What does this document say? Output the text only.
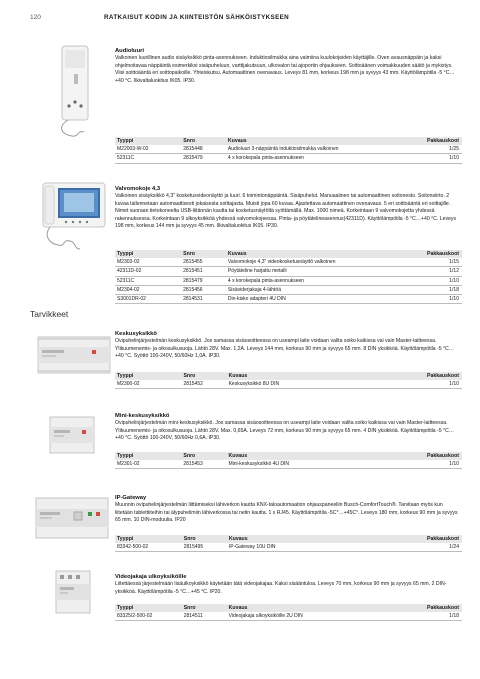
120	RATKAISUT KODIN JA KIINTEISTÖN SÄHKÖISTYKSEEN
Audioluuri

Valkoinen luurillinen audio sisäyksikkö pinta-asennukseen. Induktiosilmukka aina valmiina kuulokojeiden käyttäjille. Oven avausnäppäin ja kaksi ohjelmoitavaa näppäintä esimerkiksi sisäpuheluun, varttijakutsuun, ulkovalon tai ajoportin ohjaukseen. Soittoäänen voimakkuuden säätö ja mykistys. Viisi soittoääntä eri soittopaikoille. Yhteiskutsu. Automaattinen ovenavaus. Leveys 81 mm, korkeus 198 mm ja syvyys 43 mm. Käyttölämpötila -5 °C…+40 °C. Ilkivaltaluokitus IK05. IP30.

Tyyppi	Snro	Kuvaus	Pakkauskoot
M22003-W-02	2815448	Audioluuri 3-näppäintä induktiosilmukka valkoinen	1/25
52311C	2815479	4 x korokepala pinta-asennukseen	1/10
Valvomokoje 4,3

Valkoinen sisäyksikkö 4,3" kosketusvideonäyttö ja luuri. 6 toimintonäppäintä. Sisäpuhelut. Manuaalinen tai automaattinen soitonesto. Soitonsiirto. 2 kuvaa tallennetaan automaattisesti jokaisesta soittajasta. Muisti jopa 60 kuvaa. Ajastettava automaattinen ovenavaus. 5 eri soittoääntä eri soittajille. Nimet suoraan tietokoneelta USB-liitännän kautta tai kosketusnäytöltä syöttämällä. Max. 1000 nimeä. Korkeintaan 9 valvomokojetta yhdessä rakennuksessa. Korkeintaan 9 ulkoyksikköä yhdessä valvomokojeessa. Pinta- ja pöytätelineasennus(42311D). Käyttölämpötila -5 °C…+40 °C. Leveys 198 mm, korkeus 144 mm ja syvyys 45 mm. Ilkivaltaluokitus IK05. IP30.

Tyyppi	Snro	Kuvaus	Pakkauskoot
M2303-02	2815455	Valvomokoje 4,3" videokosketusnäyttö valkoinen	1/15
42311D-02	2815451	Pöytäteline harjattu metalli	1/12
52311C	2815479	4 x korokepala pinta-asennukseen	1/10
M2304-02	2815456	Sisäviderjakaja 4-lähtöä	1/18
S3001DR-02	2814531	Din-kisko adapteri 4U DIN	1/10
Tarvikkeet
Keskusyksikkö

Ovipuhelinjärjestelmän keskusyksikkö. Jos samassa sisäosoitteessa on useampi laite voidaan valita soiko kaikissa vai vain Master-laitteessa. Ylikuumenemis- ja oikosulkusuoja. Lähtö 28V. Max. 1,2A. Leveys 144 mm, korkeus 90 mm ja syvyys 65 mm. 8 DIN yksikköä. Käyttölämpötila -5 °C…+40 °C. Syöttö 100-240V, 50/60Hz 1,0A. IP30.

Tyyppi	Snro	Kuvaus	Pakkauskoot
M2300-02	2815452	Keskusyksikkö 8U DIN	1/10
Mini-keskusyksikkö

Ovipuhelinjärjestelmän mini-keskusyksikkö. Jos samassa sisäosoitteessa on useampi laite voidaan valita soiko kaikissa vai vain Master-laitteessa. Ylikuumenemis- ja oikosulkusuoja. Lähtö 28V. Max. 0,65A. Leveys 72 mm, korkeus 90 mm ja syvyys 65 mm. 4 DIN yksikköä. Käyttölämpötila -5 °C…+40 °C. Syöttö 100-240V, 50/60Hz 0,6A. IP30.

Tyyppi	Snro	Kuvaus	Pakkauskoot
M2301-02	2815453	Mini-keskusyksikkö 4U DIN	1/10
IP-Gateway

Muunnin ovipuhelinjärjestelmän liittämiseksi lähiverkon kautta KNX-taloautomaation ohjauspaneeliin Busch-ComfortTouch®. Tarvitaan myös kun liitetään tablettiiteihin tai älypuhelimiin lähiverkossa tai netin kautta. 1 x RJ45. Käyttölämpötila -5C°…+45C°. Leveys 180 mm, korkeus 90 mm ja syvyys 65 mm. 10 DIN-moduulia. IP20

Tyyppi	Snro	Kuvaus	Pakkauskoot
83342-500-02	2815495	IP-Gateway 10U DIN	1/24
Videojakaja ulkoyksiköille

Liitettäessä järjestelmään lisäulkoyksikkö käytetään tätä videojakajaa. Kaksi sisääntuloa. Leveys 70 mm, korkeus 90 mm ja syvyys 65 mm. 2 DIN-yksikköä. Käyttölämpötila -5 °C…+45 °C. IP20.

Tyyppi	Snro	Kuvaus	Pakkauskoot
83325/2-500-02	2814511	Videojakaja ulkoyksiköille 2U DIN	1/18
